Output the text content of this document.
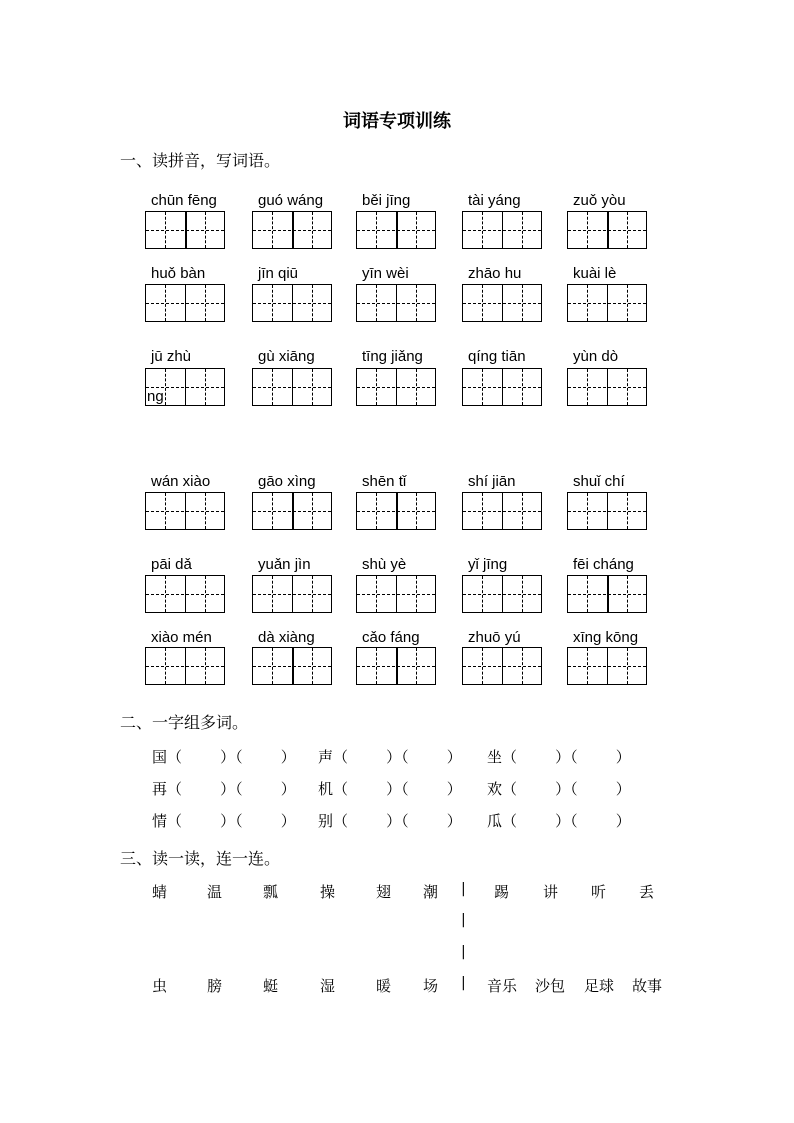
词语专项训练
一、读拼音，写词语。
chūn fēng	guó wáng	běi jīng	tài yáng	zuǒ yòu
huǒ bàn	jīn qiū	yīn wèi	zhāo hu	kuài lè
jū zhù	gù xiāng	tīng jiǎng	qíng tiān	yùn dò
wán xiào	gāo xìng	shēn tǐ	shí jiān	shuǐ chí
pāi dǎ	yuǎn jìn	shù yè	yǐ jīng	fēi cháng
xiào mén	dà xiàng	cǎo fáng	zhuō yú	xīng kōng
ng
二、一字组多词。
国（        ）（        ） 声（        ）（        ） 坐（        ）（        ）
再（        ）（        ） 机（        ）（        ） 欢（        ）（        ）
情（        ）（        ） 别（        ）（        ） 瓜（        ）（        ）
三、读一读，连一连。
蜻	温	瓢	操	翅 潮	踢 讲 听 丢
虫	膀	蜓	湿	暖 场	音乐 沙包 足球 故事
|
|
|
|
